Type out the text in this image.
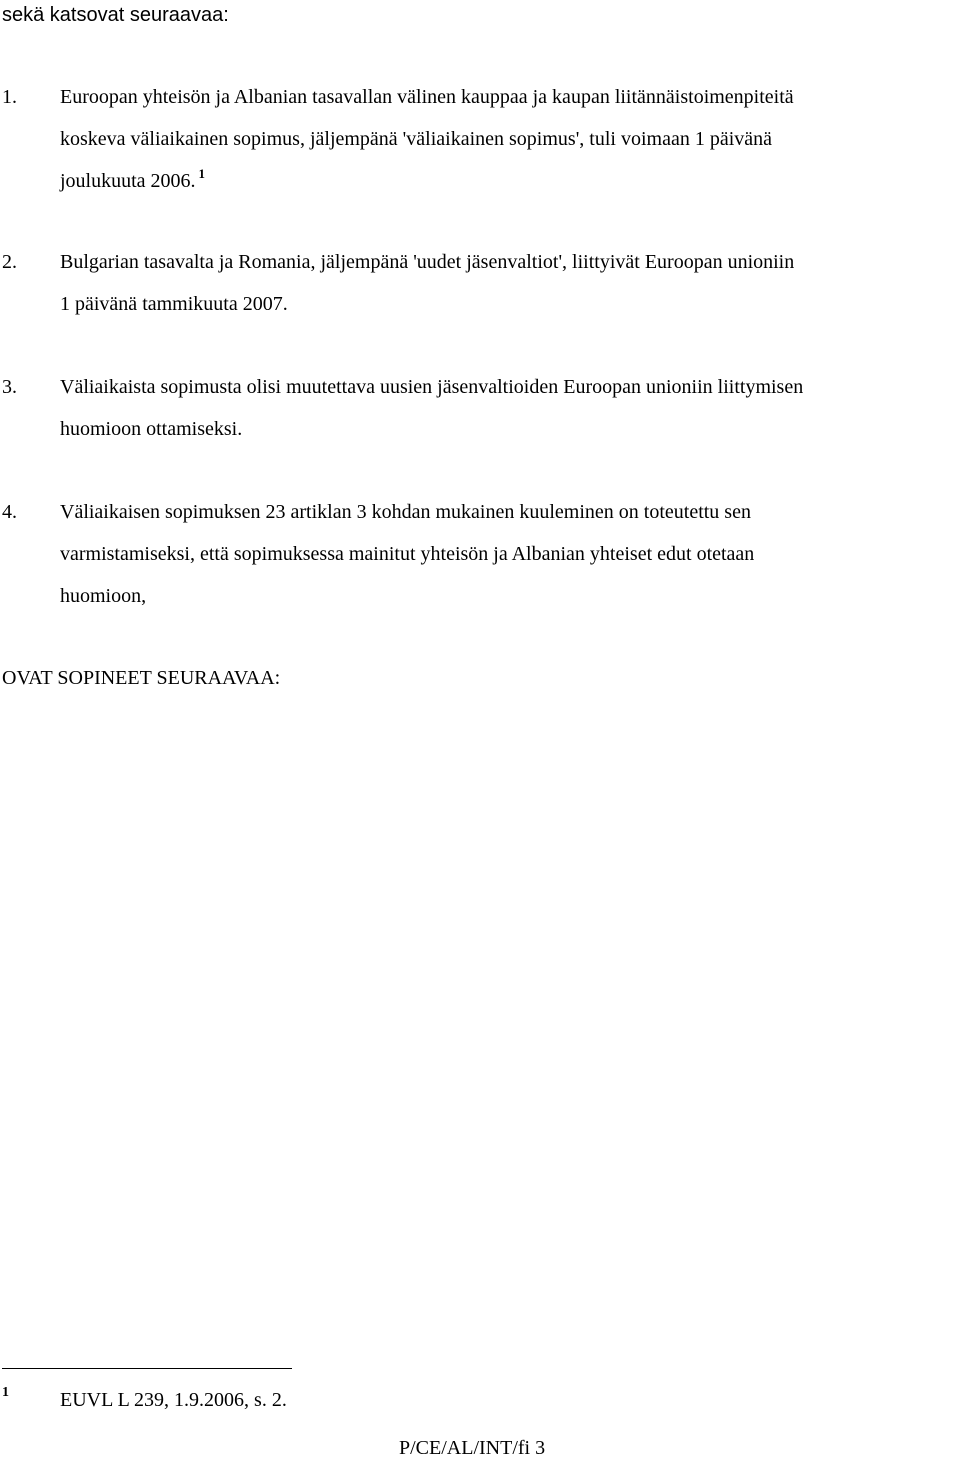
sekä katsovat seuraavaa:
1. Euroopan yhteisön ja Albanian tasavallan välinen kauppaa ja kaupan liitännäistoimenpiteitä
koskeva väliaikainen sopimus, jäljempänä 'väliaikainen sopimus', tuli voimaan 1 päivänä
joulukuuta 2006. $^1$
2. Bulgarian tasavalta ja Romania, jäljempänä 'uudet jäsenvaltiot', liittyivät Euroopan unioniin
1 päivänä tammikuuta 2007.
3. Väliaikaista sopimusta olisi muutettava uusien jäsenvaltioiden Euroopan unioniin liittymisen
huomioon ottamiseksi.
4. Väliaikaisen sopimuksen 23 artiklan 3 kohdan mukainen kuuleminen on toteutettu sen
varmistamiseksi, että sopimuksessa mainitut yhteisön ja Albanian yhteiset edut otetaan
huomioon,
OVAT SOPINEET SEURAAVAA:
1	EUVL L 239, 1.9.2006, s. 2.
P/CE/AL/INT/fi 3
